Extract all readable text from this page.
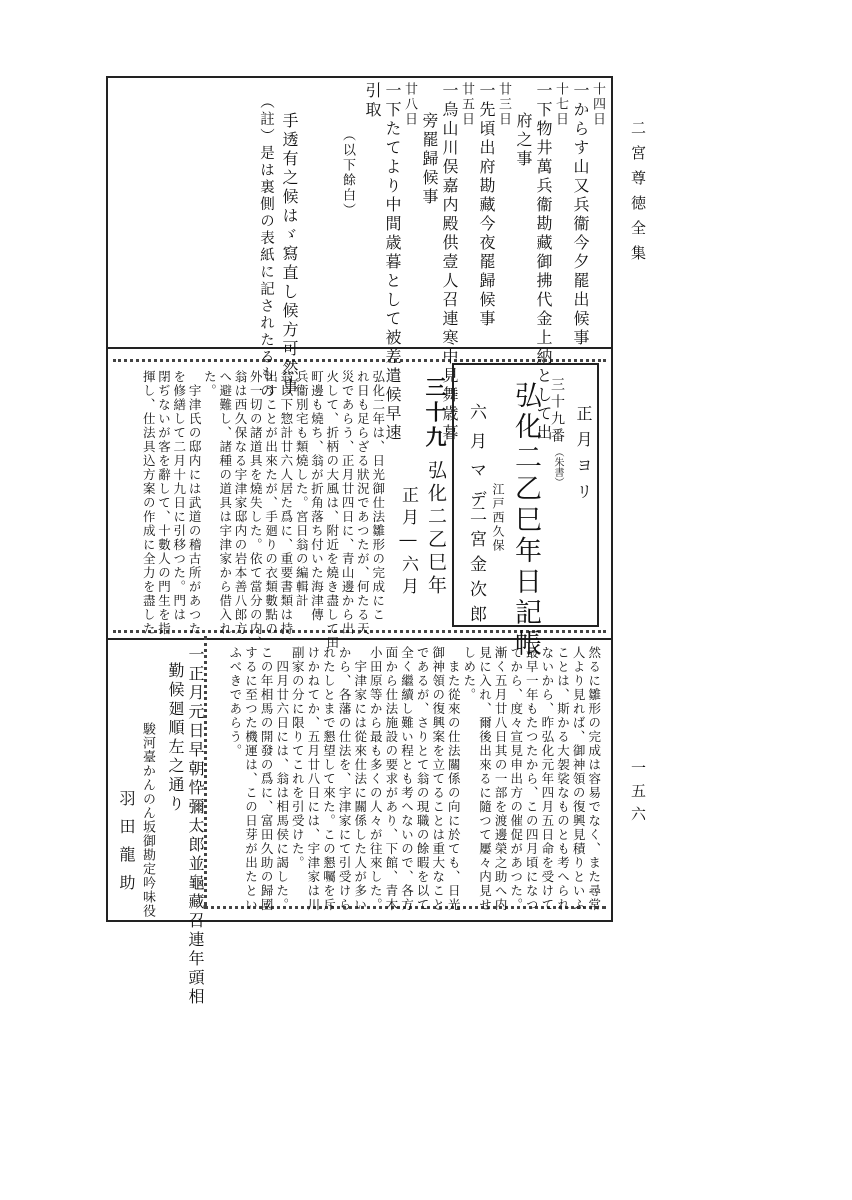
二宮尊徳全集
一五六
十四日
一からす山又兵衞今夕罷出候事
十七日
一下物井萬兵衞勘藏御拂代金上納として出
府之事
廿三日
一先頃出府勘藏今夜罷歸候事
廿五日
一烏山川俣嘉内殿供壹人召連寒中見舞歳暮
旁罷歸候事
廿八日
一下たてより中間歳暮として被差遣候早速
引取
（以下餘白）
手透有之候はゞ寫直し候方可然事
（註）是は裏側の表紙に記されたるもの
正月ヨリ
三十九番
（朱書）
弘化二乙巳年日記帳
江戸西久保
六月マデ
二宮金次郎
三十九
弘化二乙巳年
正月―六月
弘化二年は、日光御仕法雛形の完成にこ
れ日も足らざる狀況であつたが、何たる天
災であらう、正月廿四日に、青山邊から出
火して、折柄の大風は、附近を燒き盡して田
町邊も燒ち、翁が折角落ち付いた海津傳
兵衞別宅も類燒した。宮日翁の編輯計
翁以下惣計廿六人居た爲に、重要書類は持
出すことが出來たが、手廻りの衣類數點の
外一切の諸道具を燒失した。依て當分の内、
翁は西久保なる宇津家邸内の岩本善八郎方
へ避難し、諸種の道具は宇津家から借入れ
た。
　宇津氏の邸内には武道の稽古所があつた
を修繕して二月十九日に引移つた。門は
閉ぢないが客を辭して、十數人の門生を指
揮し、仕法具込方案の作成に全力を盡した
然るに雛形の完成は容易でなく、また尋常
人より見れば、御神領の復興見積りといふ
ことは、斯かる大袈裟なものとも考へられ
ないから、昨弘化元年四月五日命を受けて
最早一年もたつたから、この四月頃になつ
てから、度々宣見申出方の催促があつた。
漸く五月廿八日其の一部を渡邊榮之助へ内
見に入れ、爾後出來るに隨つて屢々内見せ
しめた。
　また從來の仕法關係の向に於ても、日光
御神領の復興案を立てることは重大なこと
であるが、さりとて翁の現職の餘暇を以て
全く繼續し難い程とも考へないので、各方
面から仕法施設の要求があり、下館、青木
小田原等から最も多くの人々が往來した。
　宇津家には從來仕法に關係した人が多い
から、各藩の仕法を、宇津家にて引受けら
れたしとまで懇望して來た。この懇囑を斥
けかねてか、五月廿八日には、宇津家は川
副家の分に限りてこれを引受けた。
　四月廿六日には、翁は相馬侯に謁した。
この年相馬の開發の爲に、富田久助の歸國
するに至つた機運は、この日芽が出たとい
ふべきであらう。
一正月元日早朝忰彌太郎並龜藏召連年頭相
勤候廻順左之通り
駿河臺かんのん坂御勘定吟味役
羽田龍助
